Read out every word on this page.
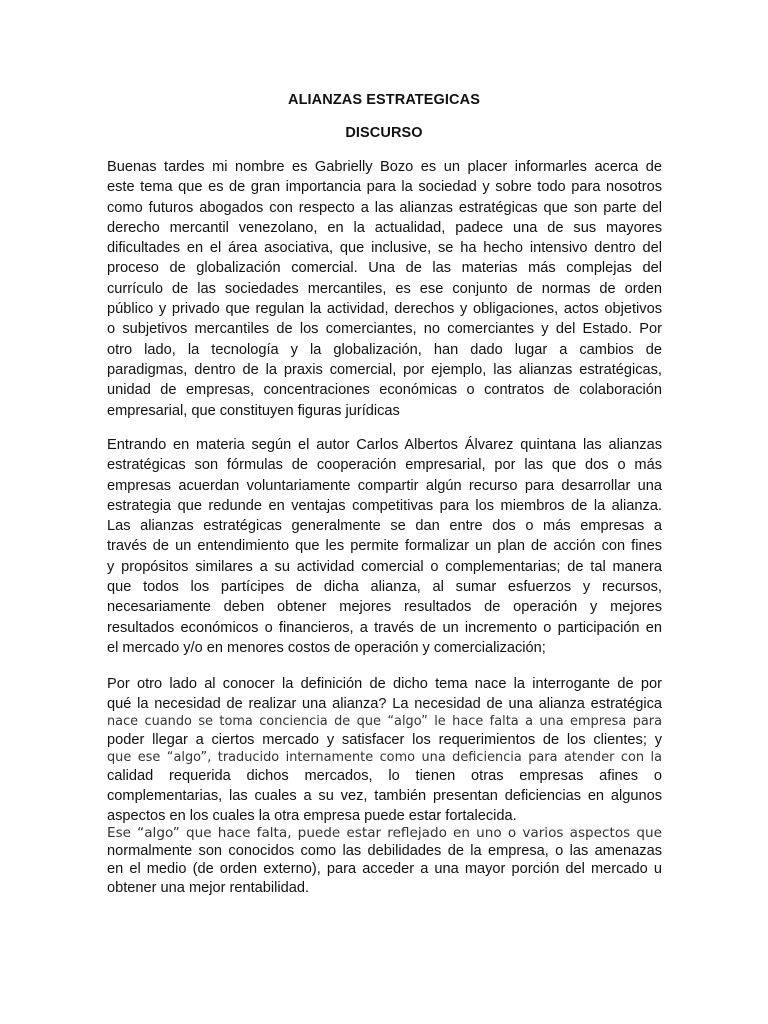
ALIANZAS ESTRATEGICAS
DISCURSO
Buenas tardes mi nombre es Gabrielly Bozo es un placer informarles acerca de
este tema que es de gran importancia para la sociedad y sobre todo para nosotros
como futuros abogados con respecto a las alianzas estratégicas que son parte del
derecho mercantil venezolano, en la actualidad, padece una de sus mayores
dificultades en el área asociativa, que inclusive, se ha hecho intensivo dentro del
proceso de globalización comercial. Una de las materias más complejas del
currículo de las sociedades mercantiles, es ese conjunto de normas de orden
público y privado que regulan la actividad, derechos y obligaciones, actos objetivos
o subjetivos mercantiles de los comerciantes, no comerciantes y del Estado. Por
otro lado, la tecnología y la globalización, han dado lugar a cambios de
paradigmas, dentro de la praxis comercial, por ejemplo, las alianzas estratégicas,
unidad de empresas, concentraciones económicas o contratos de colaboración
empresarial, que constituyen figuras jurídicas
Entrando en materia según el autor Carlos Albertos Álvarez quintana las alianzas
estratégicas son fórmulas de cooperación empresarial, por las que dos o más
empresas acuerdan voluntariamente compartir algún recurso para desarrollar una
estrategia que redunde en ventajas competitivas para los miembros de la alianza.
Las alianzas estratégicas generalmente se dan entre dos o más empresas a
través de un entendimiento que les permite formalizar un plan de acción con fines
y propósitos similares a su actividad comercial o complementarias; de tal manera
que todos los partícipes de dicha alianza, al sumar esfuerzos y recursos,
necesariamente deben obtener mejores resultados de operación y mejores
resultados económicos o financieros, a través de un incremento o participación en
el mercado y/o en menores costos de operación y comercialización;
Por otro lado al conocer la definición de dicho tema nace la interrogante de por
qué la necesidad de realizar una alianza? La necesidad de una alianza estratégica
nace cuando se toma conciencia de que “algo” le hace falta a una empresa para
poder llegar a ciertos mercado y satisfacer los requerimientos de los clientes; y
que ese “algo”, traducido internamente como una deficiencia para atender con la
calidad requerida dichos mercados, lo tienen otras empresas afines o
complementarias, las cuales a su vez, también presentan deficiencias en algunos
aspectos en los cuales la otra empresa puede estar fortalecida.
Ese “algo” que hace falta, puede estar reflejado en uno o varios aspectos que
normalmente son conocidos como las debilidades de la empresa, o las amenazas
en el medio (de orden externo), para acceder a una mayor porción del mercado u
obtener una mejor rentabilidad.
